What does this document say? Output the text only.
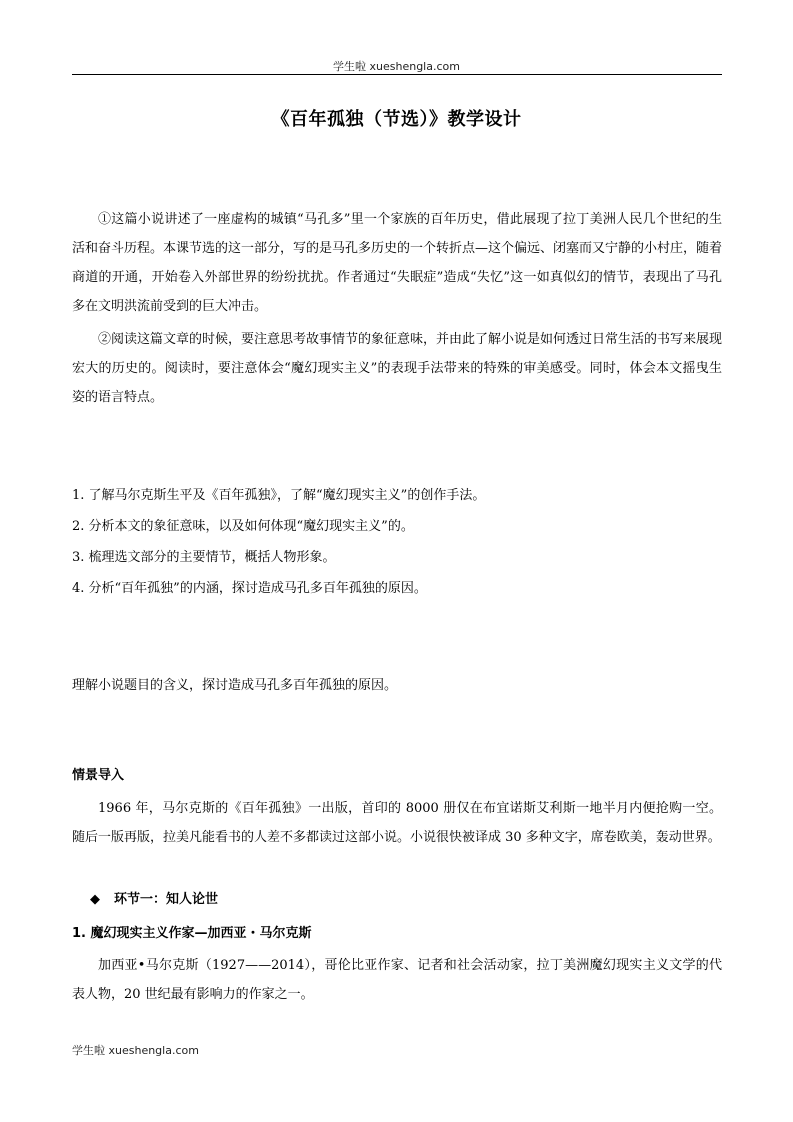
学生啦 xueshengla.com
《百年孤独（节选）》教学设计

①这篇小说讲述了一座虚构的城镇“马孔多”里一个家族的百年历史，借此展现了拉丁美洲人民几个世纪的生活和奋斗历程。本课节选的这一部分，写的是马孔多历史的一个转折点—这个偏远、闭塞而又宁静的小村庄，随着商道的开通，开始卷入外部世界的纷纷扰扰。作者通过“失眠症”造成“失忆”这一如真似幻的情节，表现出了马孔多在文明洪流前受到的巨大冲击。

②阅读这篇文章的时候，要注意思考故事情节的象征意味，并由此了解小说是如何透过日常生活的书写来展现宏大的历史的。阅读时，要注意体会“魔幻现实主义”的表现手法带来的特殊的审美感受。同时，体会本文摇曳生姿的语言特点。

1. 了解马尔克斯生平及《百年孤独》，了解“魔幻现实主义”的创作手法。

2. 分析本文的象征意味，以及如何体现“魔幻现实主义”的。

3. 梳理选文部分的主要情节，概括人物形象。

4. 分析“百年孤独”的内涵，探讨造成马孔多百年孤独的原因。

理解小说题目的含义，探讨造成马孔多百年孤独的原因。

情景导入

1966 年，马尔克斯的《百年孤独》一出版，首印的 8000 册仅在布宜诺斯艾利斯一地半月内便抢购一空。随后一版再版，拉美凡能看书的人差不多都读过这部小说。小说很快被译成 30 多种文字，席卷欧美，轰动世界。

◆ 环节一：知人论世

1. 魔幻现实主义作家—加西亚・马尔克斯

加西亚•马尔克斯（1927——2014），哥伦比亚作家、记者和社会活动家，拉丁美洲魔幻现实主义文学的代表人物，20 世纪最有影响力的作家之一。

学生啦 xueshengla.com
